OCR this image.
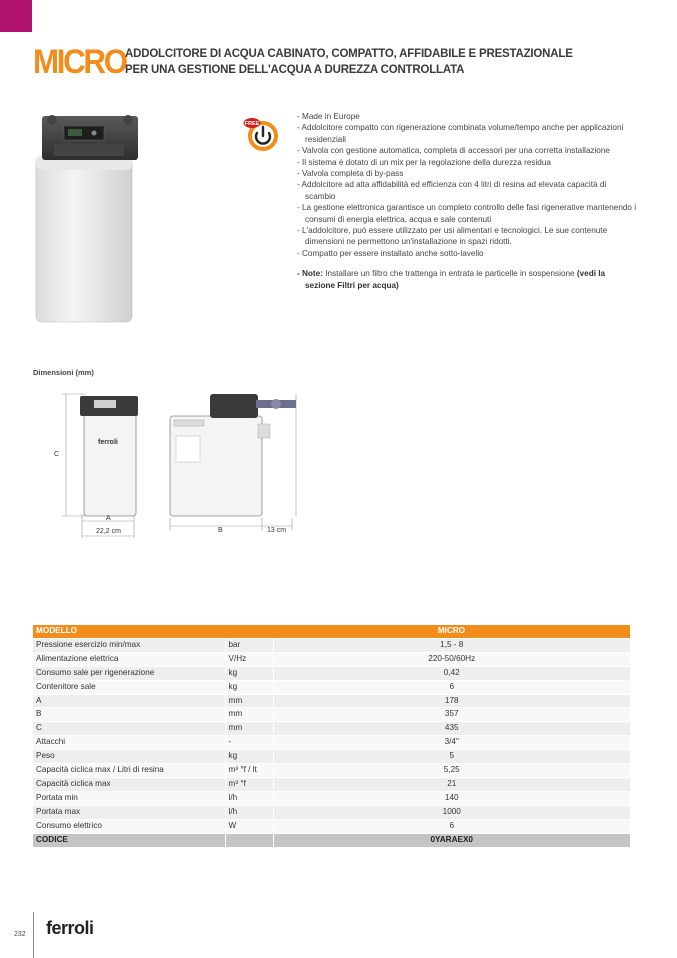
MICRO ADDOLCITORE DI ACQUA CABINATO, COMPATTO, AFFIDABILE E PRESTAZIONALE
PER UNA GESTIONE DELL'ACQUA A DUREZZA CONTROLLATA
FREE
- Made in Europe
- Addolcitore compatto con rigenerazione combinata volume/tempo anche per applicazioni residenziali
- Valvola con gestione automatica, completa di accessori per una corretta installazione
- Il sistema è dotato di un mix per la regolazione della durezza residua
- Valvola completa di by-pass
- Addolcitore ad alta affidabilità ed efficienza con 4 litri di resina ad elevata capacità di scambio
- La gestione elettronica garantisce un completo controllo delle fasi rigenerative mantenendo i consumi di energia elettrica, acqua e sale contenuti
- L'addolcitore, può essere utilizzato per usi alimentari e tecnologici. Le sue contenute dimensioni ne permettono un'installazione in spazi ridotti.
- Compatto per essere installato anche sotto-lavello
- Note: Installare un filtro che trattenga in entrata le particelle in sospensione (vedi la sezione Filtri per acqua)
Dimensioni (mm)
ferroli
C
A
22,2 cm	B	13 cm
MODELLO		MICRO
Pressione esercizio min/max	bar	1,5 - 8
Alimentazione elettrica	V/Hz	220-50/60Hz
Consumo sale per rigenerazione	kg	0,42
Contenitore sale	kg	6
A	mm	178
B	mm	357
C	mm	435
Attacchi	-	3/4"
Peso	kg	5
Capacità ciclica max / Litri di resina	m³ °f / lt	5,25
Capacità ciclica max	m³ °f	21
Portata min	l/h	140
Portata max	l/h	1000
Consumo elettrico	W	6
CODICE		0YARAEX0
232 ferroli
